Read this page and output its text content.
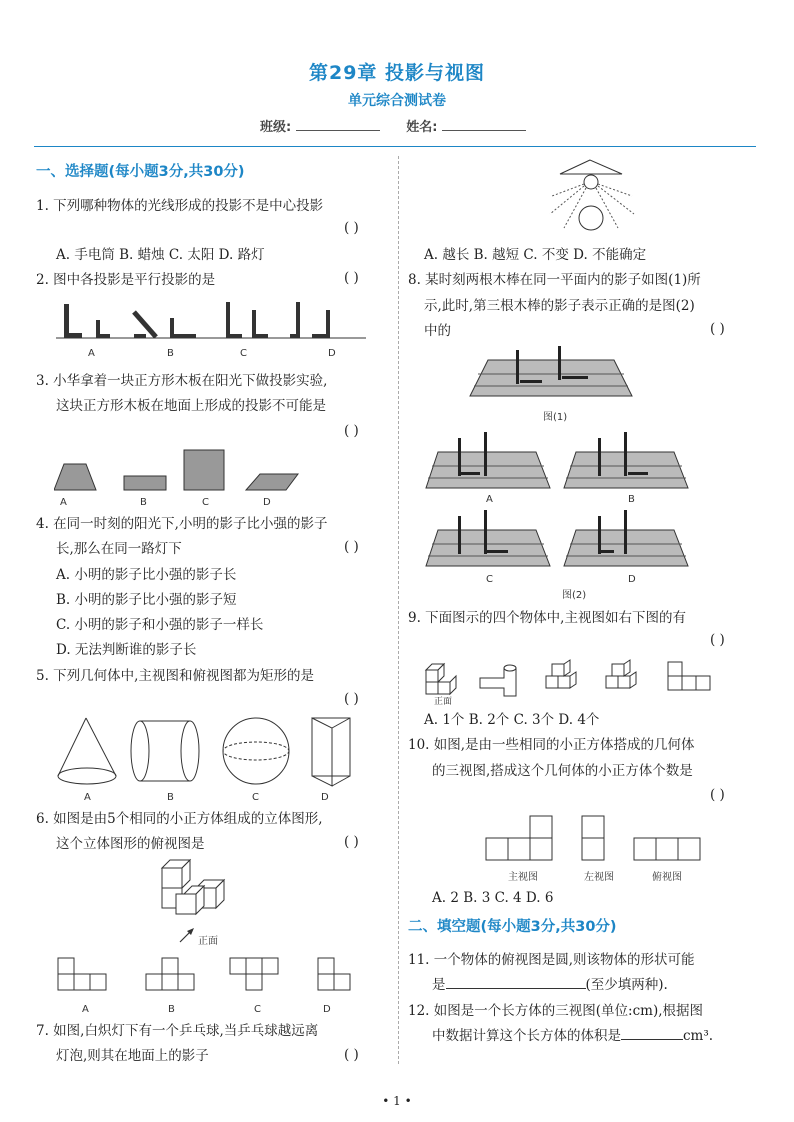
第29章 投影与视图
单元综合测试卷
班级:	姓名:
一、选择题(每小题3分,共30分)
1. 下列哪种物体的光线形成的投影不是中心投影
( )
A. 手电筒 B. 蜡烛 C. 太阳 D. 路灯
2. 图中各投影是平行投影的是	( )
A	B	C	D
3. 小华拿着一块正方形木板在阳光下做投影实验,
这块正方形木板在地面上形成的投影不可能是
( )
A	B	C	D
4. 在同一时刻的阳光下,小明的影子比小强的影子
长,那么在同一路灯下	( )
A. 小明的影子比小强的影子长
B. 小明的影子比小强的影子短
C. 小明的影子和小强的影子一样长
D. 无法判断谁的影子长
5. 下列几何体中,主视图和俯视图都为矩形的是
( )
A	B	C	D
6. 如图是由5个相同的小正方体组成的立体图形,
这个立体图形的俯视图是	( )
正面
A	B	C	D
7. 如图,白炽灯下有一个乒乓球,当乒乓球越远离
灯泡,则其在地面上的影子	( )
A. 越长 B. 越短 C. 不变 D. 不能确定
8. 某时刻两根木棒在同一平面内的影子如图(1)所
示,此时,第三根木棒的影子表示正确的是图(2)
中的	( )
图(1)
A	B
C
图(2)
D
9. 下面图示的四个物体中,主视图如右下图的有
( )
正面
A. 1个 B. 2个 C. 3个 D. 4个
10. 如图,是由一些相同的小正方体搭成的几何体
的三视图,搭成这个几何体的小正方体个数是
( )
主视图	左视图	俯视图
A. 2 B. 3 C. 4 D. 6
二、填空题(每小题3分,共30分)
11. 一个物体的俯视图是圆,则该物体的形状可能
是	(至少填两种).
12. 如图是一个长方体的三视图(单位:cm),根据图
中数据计算这个长方体的体积是	cm³.
• 1 •
